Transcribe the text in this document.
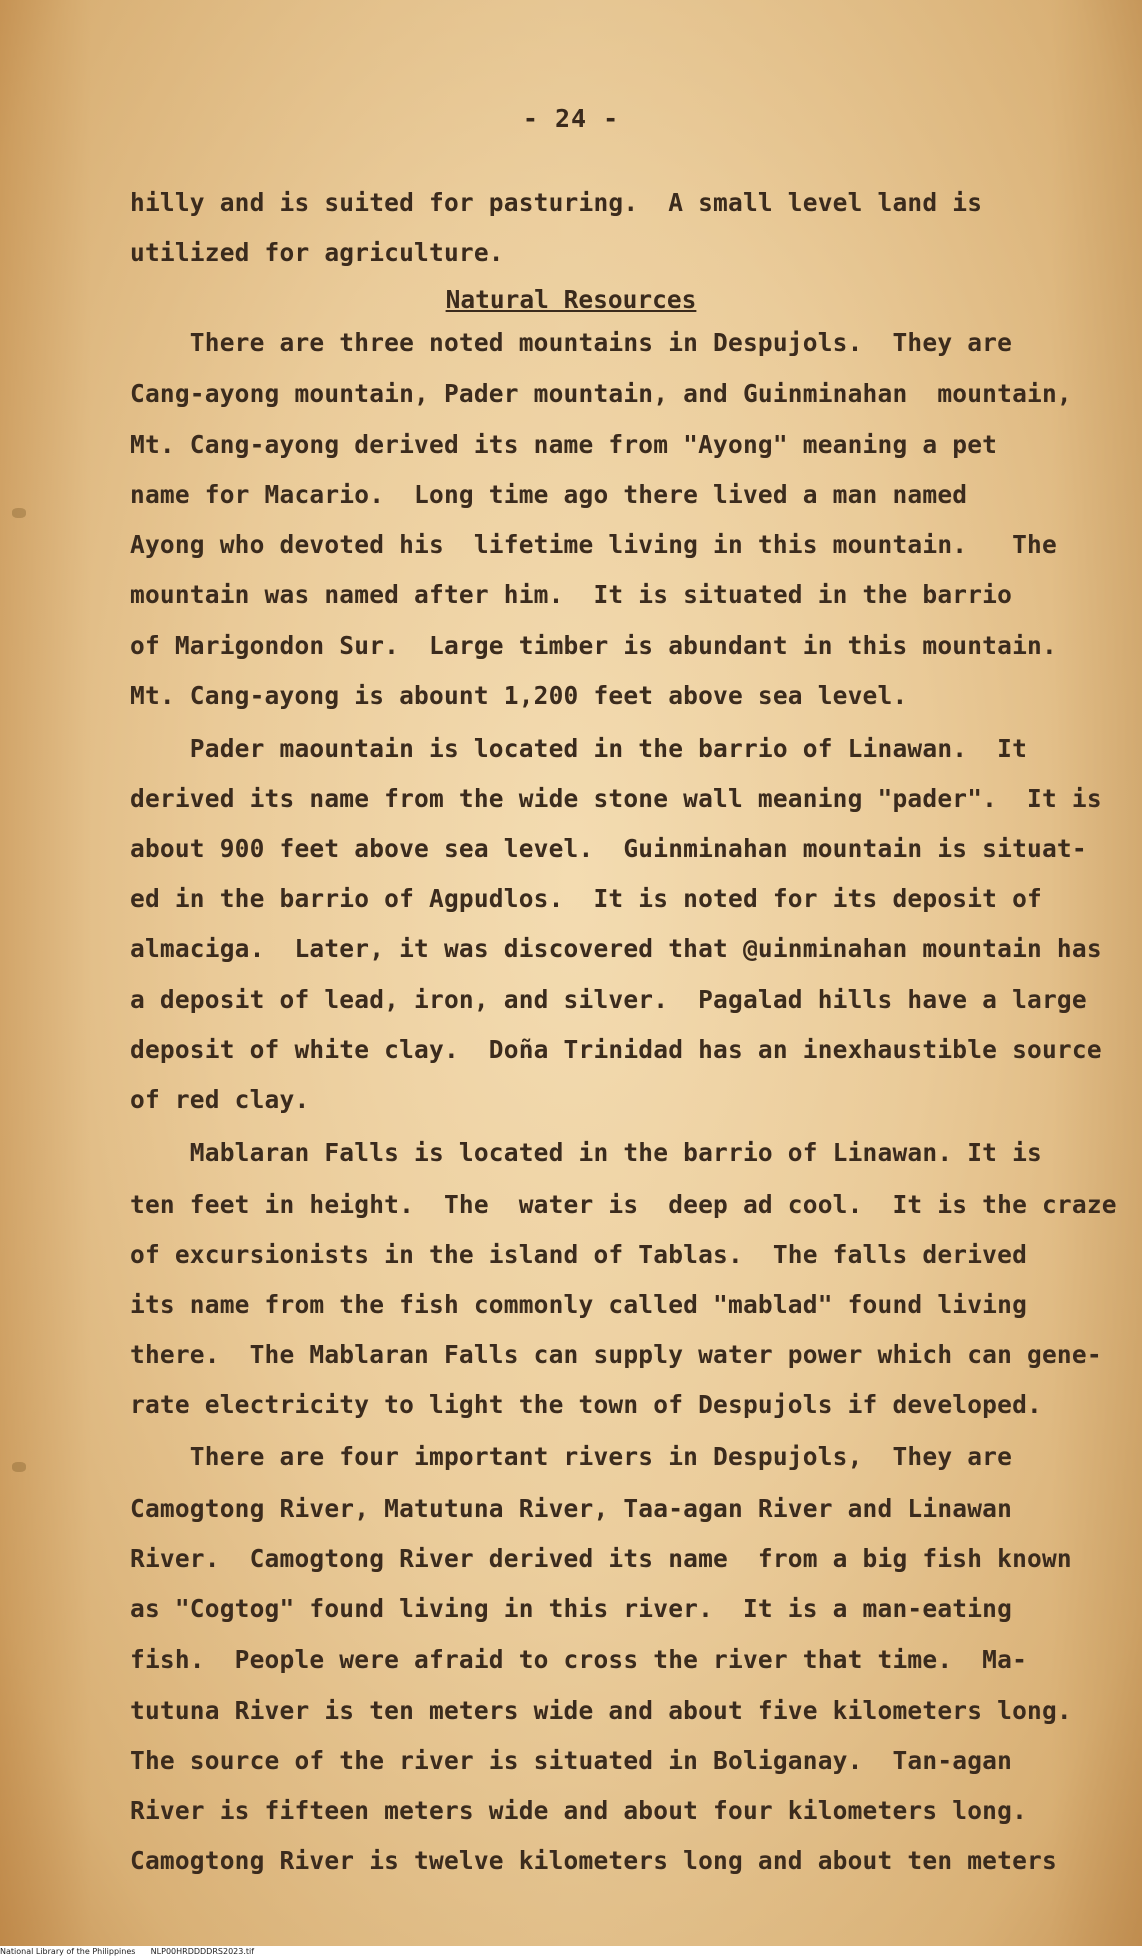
- 24 -
Natural Resources
hilly and is suited for pasturing.  A small level land is
utilized for agriculture.
There are three noted mountains in Despujols.  They are
Cang-ayong mountain, Pader mountain, and Guinminahan  mountain,
Mt. Cang-ayong derived its name from "Ayong" meaning a pet
name for Macario.  Long time ago there lived a man named
Ayong who devoted his  lifetime living in this mountain.   The
mountain was named after him.  It is situated in the barrio
of Marigondon Sur.  Large timber is abundant in this mountain.
Mt. Cang-ayong is abount 1,200 feet above sea level.
Pader maountain is located in the barrio of Linawan.  It
derived its name from the wide stone wall meaning "pader".  It is
about 900 feet above sea level.  Guinminahan mountain is situat-
ed in the barrio of Agpudlos.  It is noted for its deposit of
almaciga.  Later, it was discovered that @uinminahan mountain has
a deposit of lead, iron, and silver.  Pagalad hills have a large
deposit of white clay.  Doña Trinidad has an inexhaustible source
of red clay.
Mablaran Falls is located in the barrio of Linawan. It is
ten feet in height.  The  water is  deep ad cool.  It is the craze
of excursionists in the island of Tablas.  The falls derived
its name from the fish commonly called "mablad" found living
there.  The Mablaran Falls can supply water power which can gene-
rate electricity to light the town of Despujols if developed.
There are four important rivers in Despujols,  They are
Camogtong River, Matutuna River, Taa-agan River and Linawan
River.  Camogtong River derived its name  from a big fish known
as "Cogtog" found living in this river.  It is a man-eating
fish.  People were afraid to cross the river that time.  Ma-
tutuna River is ten meters wide and about five kilometers long.
The source of the river is situated in Boliganay.  Tan-agan
River is fifteen meters wide and about four kilometers long.
Camogtong River is twelve kilometers long and about ten meters
National Library of the Philippines      NLP00HRDDDDRS2023.tif
